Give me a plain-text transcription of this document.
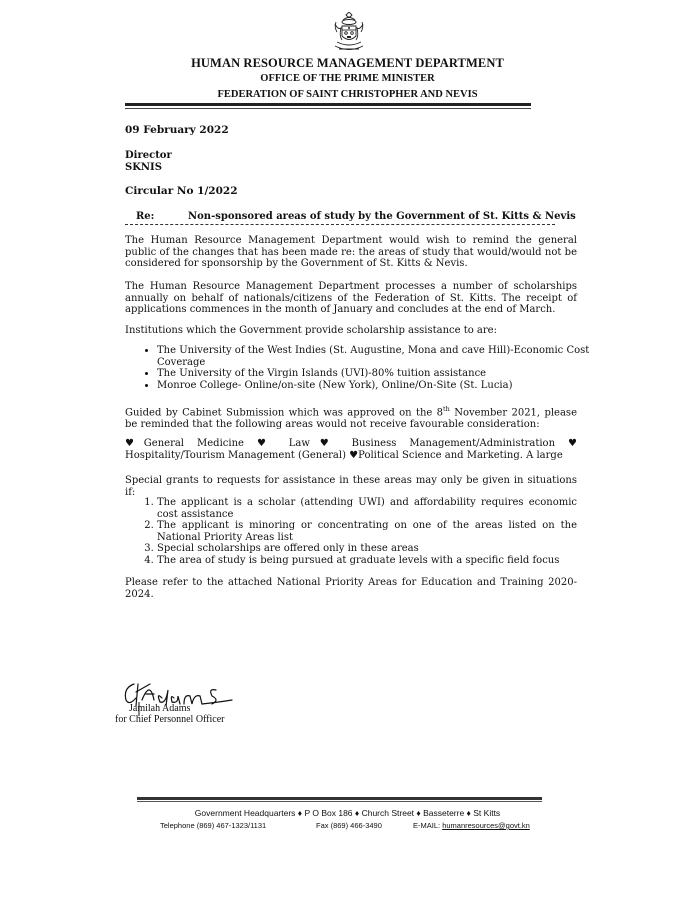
HUMAN RESOURCE MANAGEMENT DEPARTMENT
OFFICE OF THE PRIME MINISTER
FEDERATION OF SAINT CHRISTOPHER AND NEVIS
09 February 2022
Director
SKNIS
Circular No 1/2022
Re:	Non-sponsored areas of study by the Government of St. Kitts & Nevis
The Human Resource Management Department would wish to remind the general public of the changes that has been made re: the areas of study that would/would not be considered for sponsorship by the Government of St. Kitts & Nevis.
The Human Resource Management Department processes a number of scholarships annually on behalf of nationals/citizens of the Federation of St. Kitts. The receipt of applications commences in the month of January and concludes at the end of March.
Institutions which the Government provide scholarship assistance to are:
• The University of the West Indies (St. Augustine, Mona and cave Hill)-Economic Cost Coverage
• The University of the Virgin Islands (UVI)-80% tuition assistance
• Monroe College- Online/on-site (New York), Online/On-Site (St. Lucia)
Guided by Cabinet Submission which was approved on the 8th November 2021, please be reminded that the following areas would not receive favourable consideration:
♥General Medicine ♥ Law♥ Business Management/Administration ♥ Hospitality/Tourism Management (General) ♥Political Science and Marketing. A large
Special grants to requests for assistance in these areas may only be given in situations if:
1. The applicant is a scholar (attending UWI) and affordability requires economic cost assistance
2. The applicant is minoring or concentrating on one of the areas listed on the National Priority Areas list
3. Special scholarships are offered only in these areas
4. The area of study is being pursued at graduate levels with a specific field focus
Please refer to the attached National Priority Areas for Education and Training 2020-2024.
Jamilah Adams
for Chief Personnel Officer
Government Headquarters ♦ P O Box 186 ♦ Church Street ♦ Basseterre ♦ St Kitts
Telephone (869) 467-1323/1131	Fax (869) 466-3490	E-MAIL: humanresources@govt.kn
